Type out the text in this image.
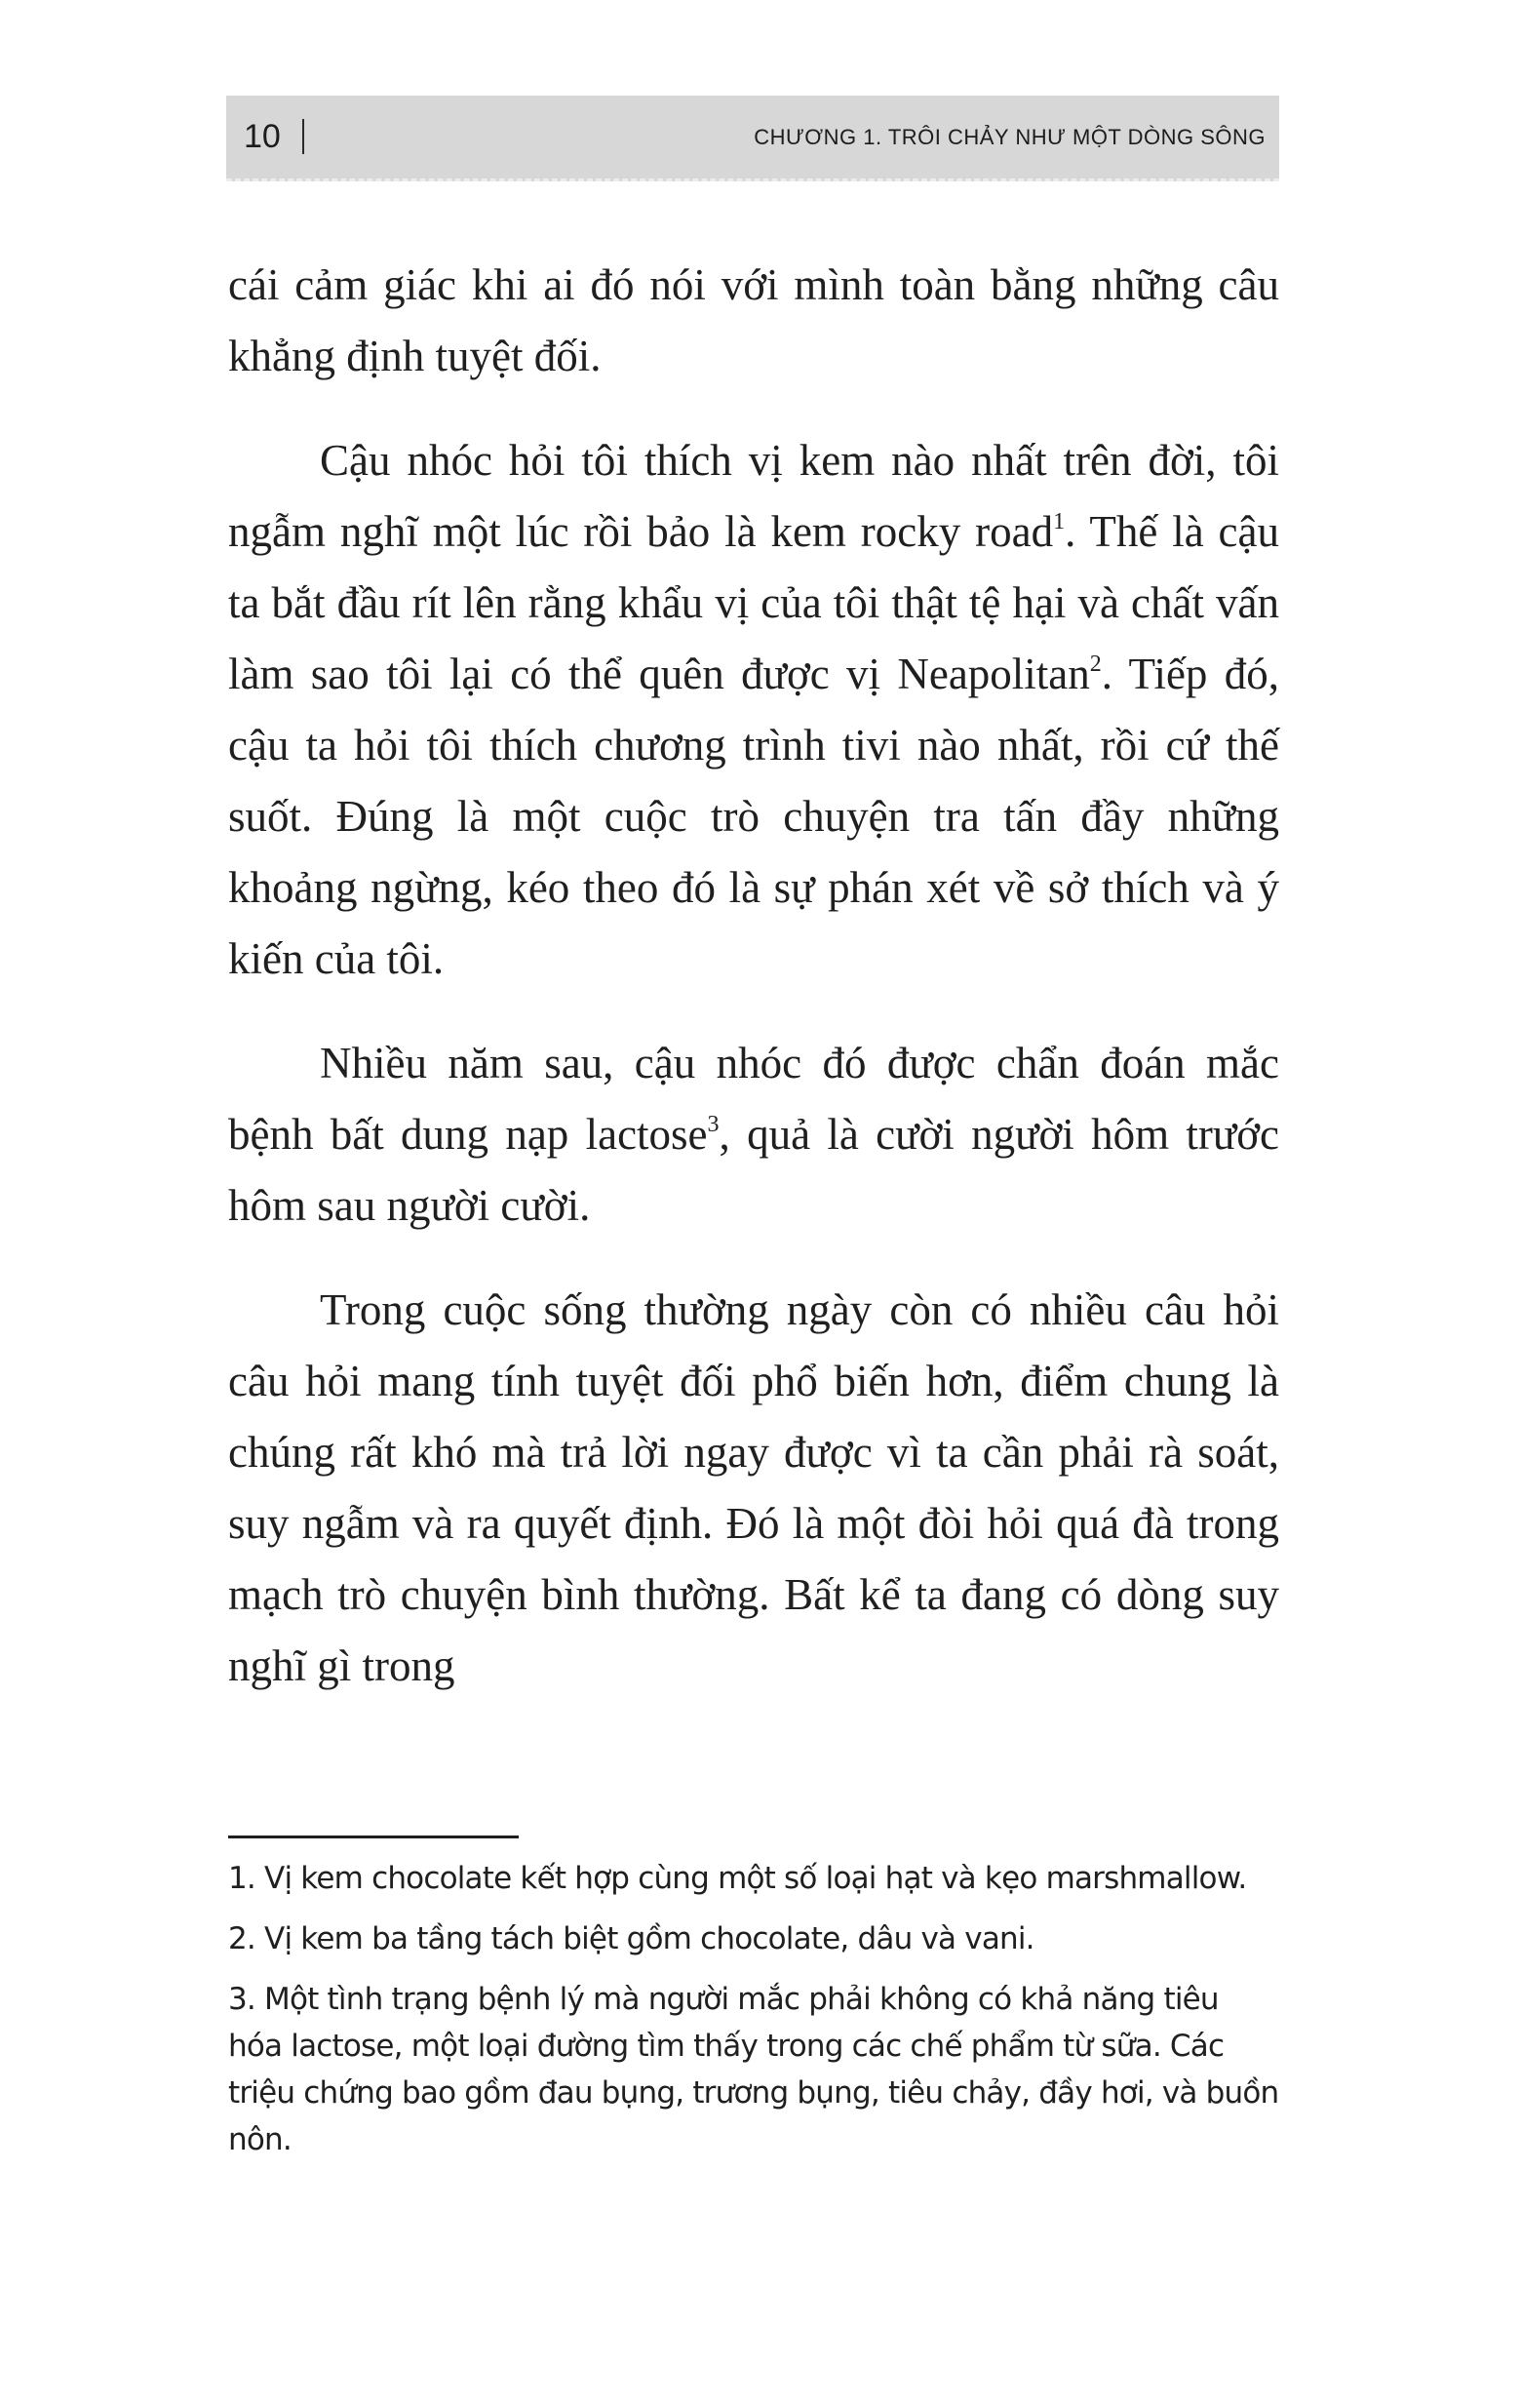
10	CHƯƠNG 1. TRÔI CHẢY NHƯ MỘT DÒNG SÔNG

cái cảm giác khi ai đó nói với mình toàn bằng những câu khẳng định tuyệt đối.

Cậu nhóc hỏi tôi thích vị kem nào nhất trên đời, tôi ngẫm nghĩ một lúc rồi bảo là kem rocky road$^1$. Thế là cậu ta bắt đầu rít lên rằng khẩu vị của tôi thật tệ hại và chất vấn làm sao tôi lại có thể quên được vị Neapolitan$^2$. Tiếp đó, cậu ta hỏi tôi thích chương trình tivi nào nhất, rồi cứ thế suốt. Đúng là một cuộc trò chuyện tra tấn đầy những khoảng ngừng, kéo theo đó là sự phán xét về sở thích và ý kiến của tôi.

Nhiều năm sau, cậu nhóc đó được chẩn đoán mắc bệnh bất dung nạp lactose$^3$, quả là cười người hôm trước hôm sau người cười.

Trong cuộc sống thường ngày còn có nhiều câu hỏi câu hỏi mang tính tuyệt đối phổ biến hơn, điểm chung là chúng rất khó mà trả lời ngay được vì ta cần phải rà soát, suy ngẫm và ra quyết định. Đó là một đòi hỏi quá đà trong mạch trò chuyện bình thường. Bất kể ta đang có dòng suy nghĩ gì trong

1. Vị kem chocolate kết hợp cùng một số loại hạt và kẹo marshmallow.
2. Vị kem ba tầng tách biệt gồm chocolate, dâu và vani.
3. Một tình trạng bệnh lý mà người mắc phải không có khả năng tiêu hóa lactose, một loại đường tìm thấy trong các chế phẩm từ sữa. Các triệu chứng bao gồm đau bụng, trương bụng, tiêu chảy, đầy hơi, và buồn nôn.
